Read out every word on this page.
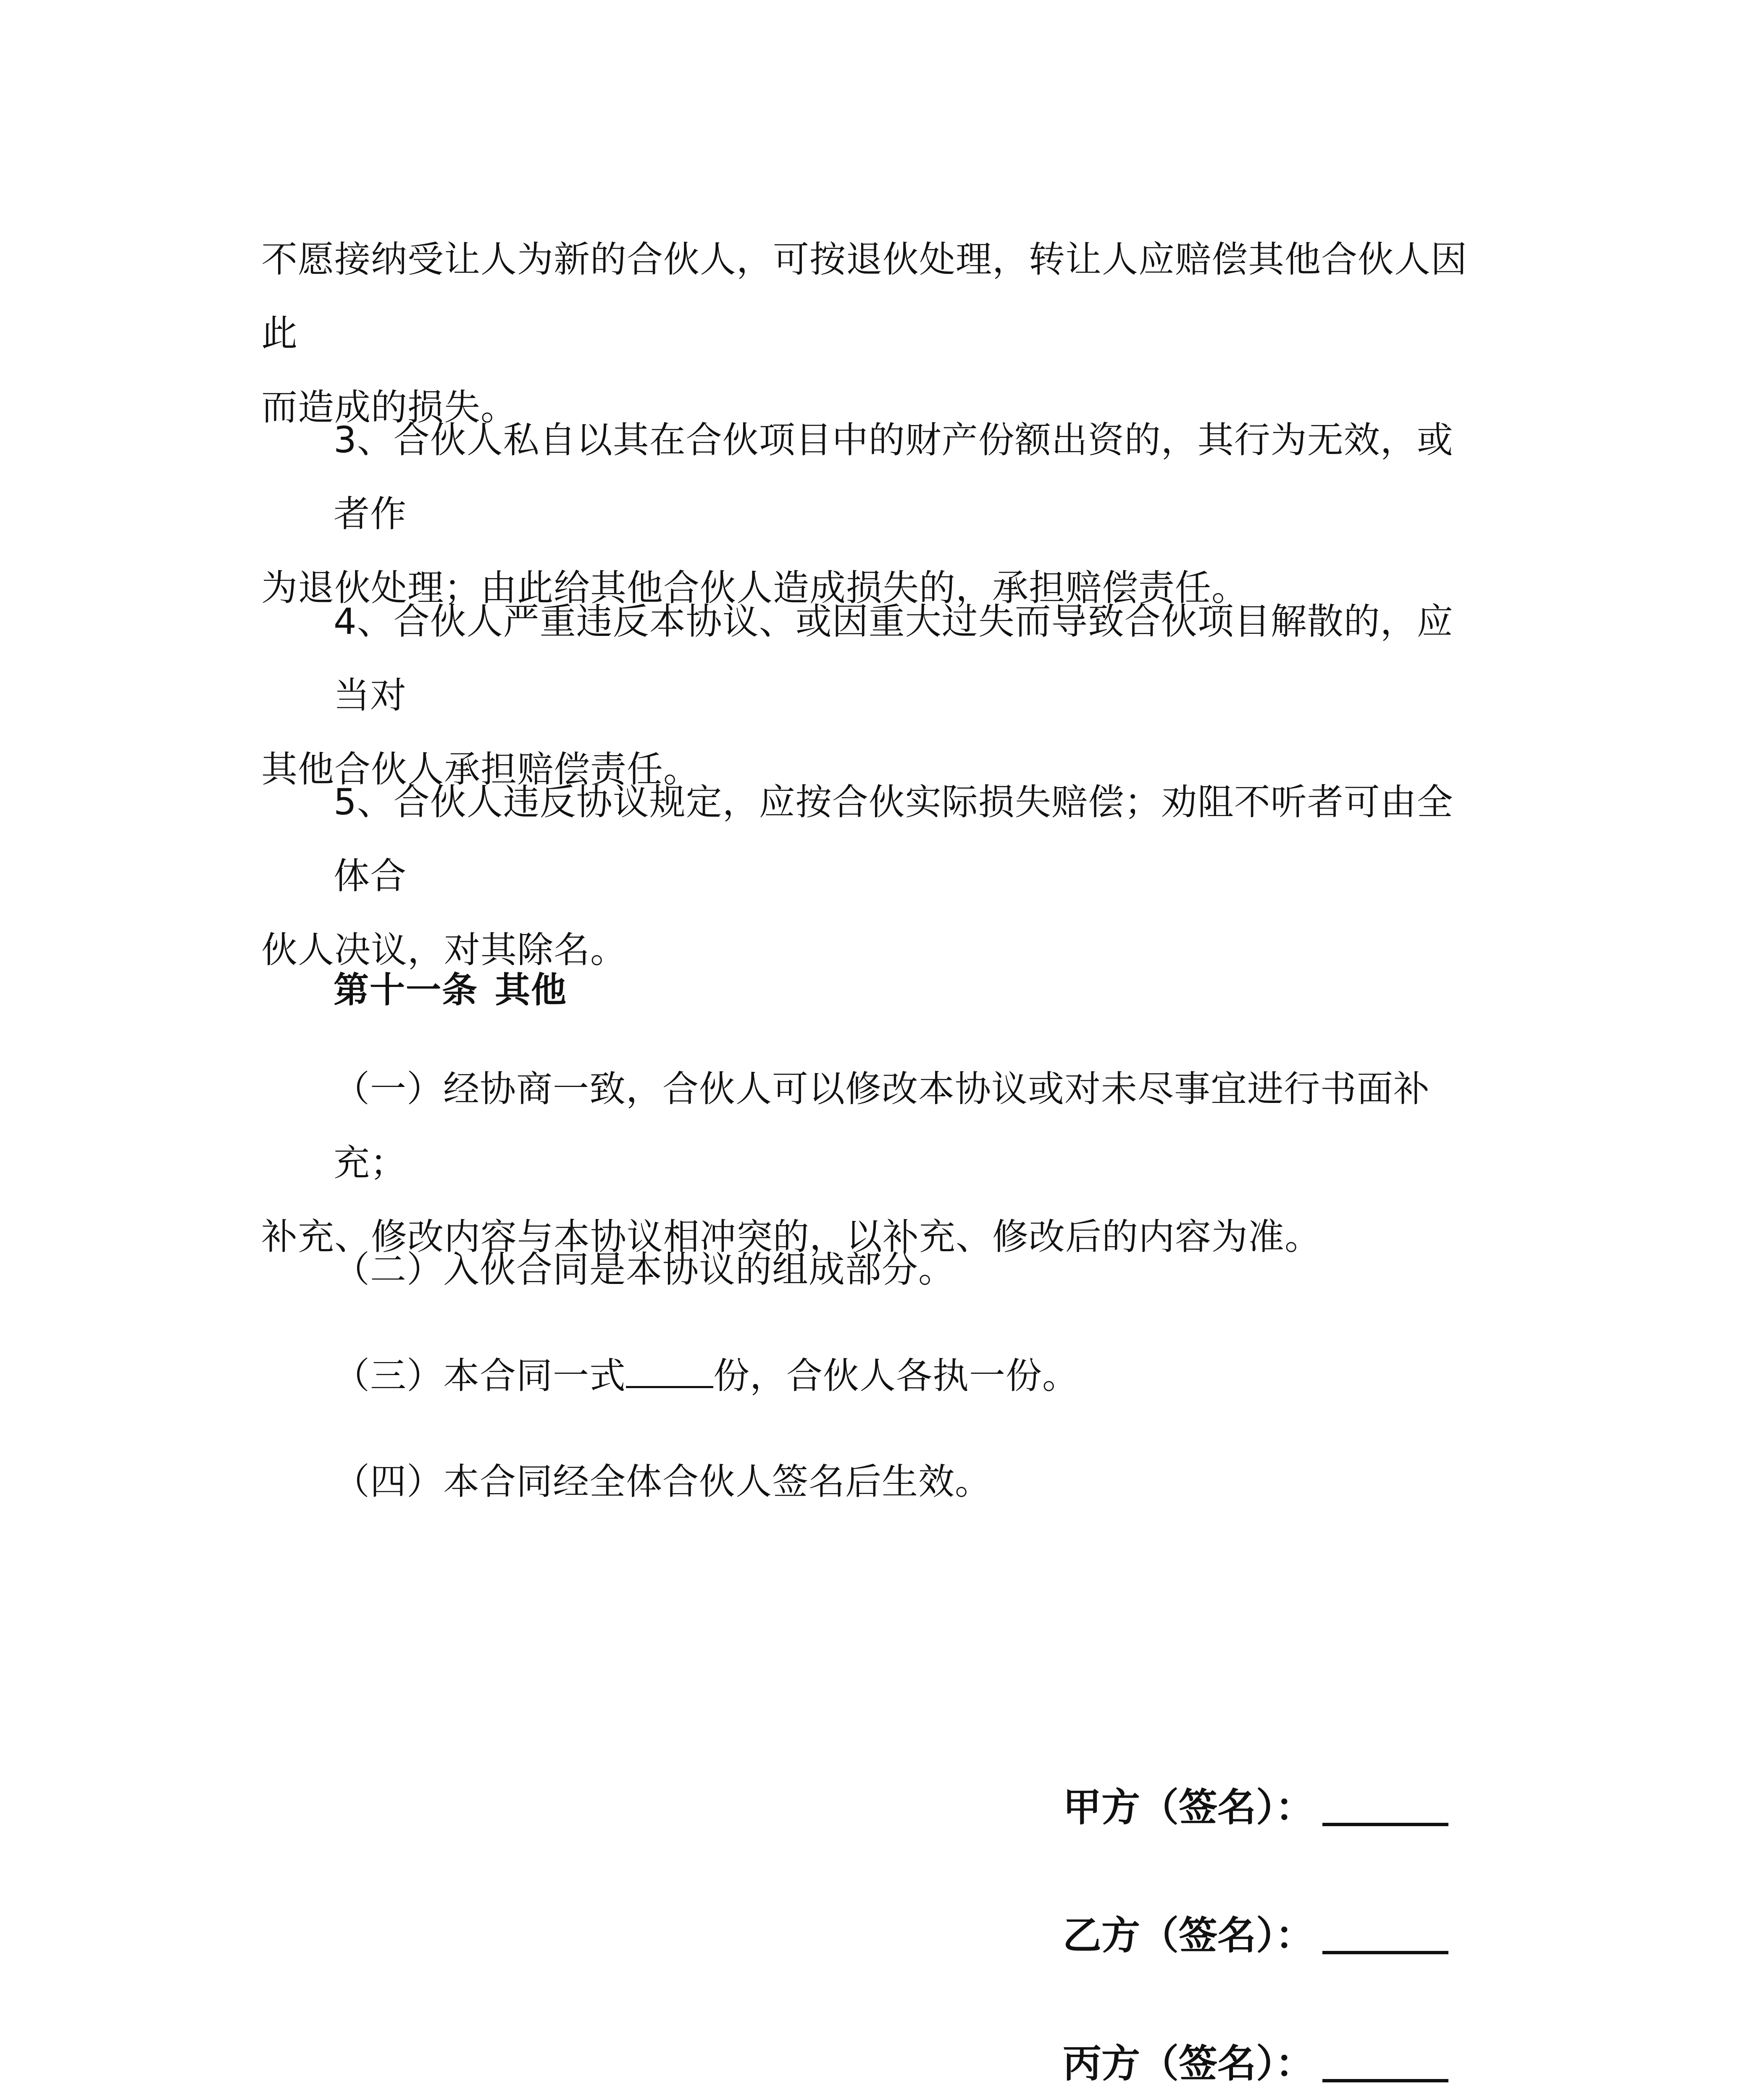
不愿接纳受让人为新的合伙人，可按退伙处理，转让人应赔偿其他合伙人因此
而造成的损失。
3、合伙人私自以其在合伙项目中的财产份额出资的，其行为无效，或者作
为退伙处理；由此给其他合伙人造成损失的，承担赔偿责任。
4、合伙人严重违反本协议、或因重大过失而导致合伙项目解散的，应当对
其他合伙人承担赔偿责任。
5、合伙人违反协议规定，应按合伙实际损失赔偿；劝阻不听者可由全体合
伙人决议，对其除名。
第十一条 其他
（一）经协商一致，合伙人可以修改本协议或对未尽事宜进行书面补充；
补充、修改内容与本协议相冲突的，以补充、修改后的内容为准。
（二）入伙合同是本协议的组成部分。
（三）本合同一式 份，合伙人各执一份。
（四）本合同经全体合伙人签名后生效。
甲方（签名）：
乙方（签名）：
丙方（签名）：
